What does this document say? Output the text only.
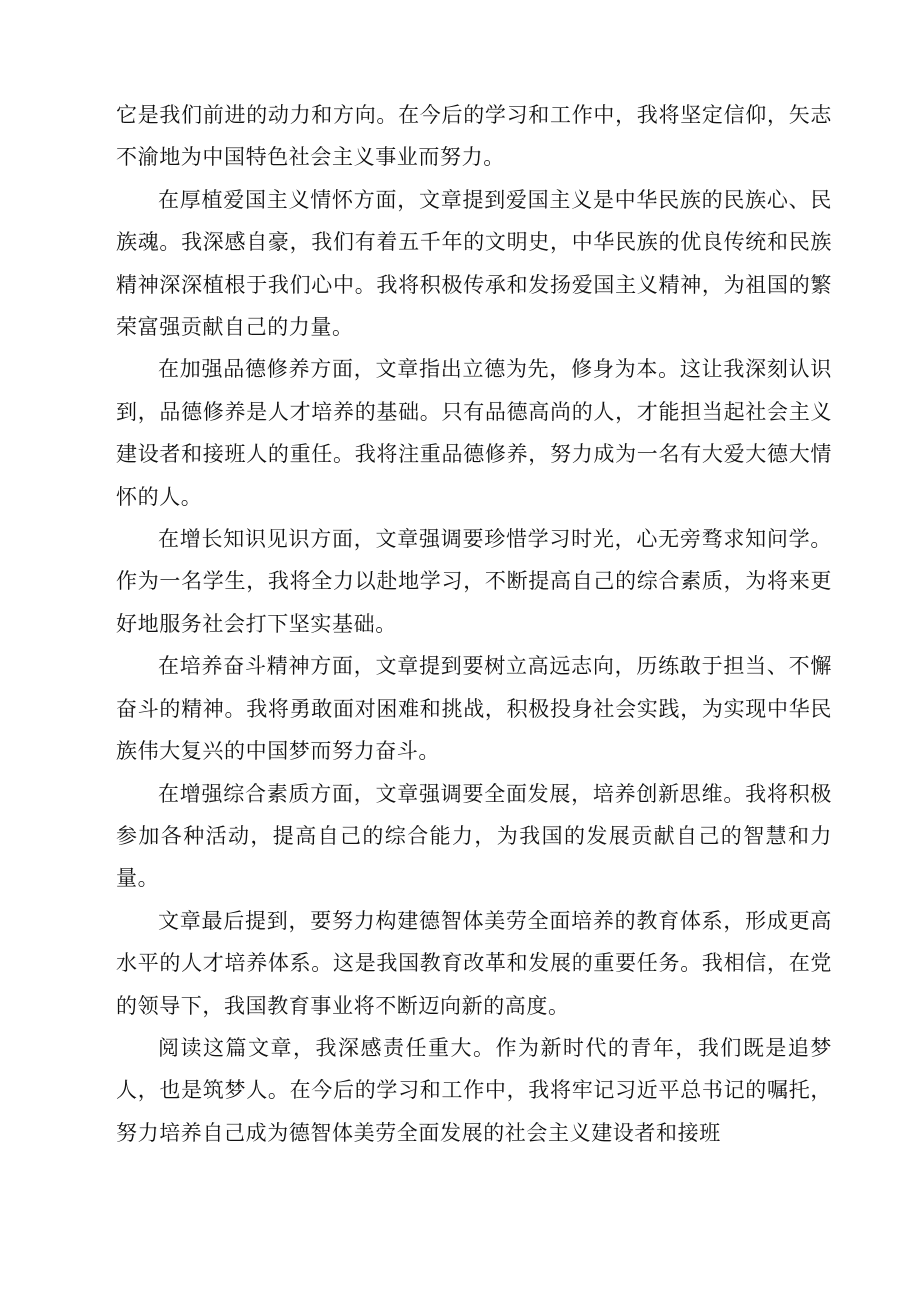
它是我们前进的动力和方向。在今后的学习和工作中，我将坚定信仰，矢志不渝地为中国特色社会主义事业而努力。

在厚植爱国主义情怀方面，文章提到爱国主义是中华民族的民族心、民族魂。我深感自豪，我们有着五千年的文明史，中华民族的优良传统和民族精神深深植根于我们心中。我将积极传承和发扬爱国主义精神，为祖国的繁荣富强贡献自己的力量。

在加强品德修养方面，文章指出立德为先，修身为本。这让我深刻认识到，品德修养是人才培养的基础。只有品德高尚的人，才能担当起社会主义建设者和接班人的重任。我将注重品德修养，努力成为一名有大爱大德大情怀的人。

在增长知识见识方面，文章强调要珍惜学习时光，心无旁骛求知问学。作为一名学生，我将全力以赴地学习，不断提高自己的综合素质，为将来更好地服务社会打下坚实基础。

在培养奋斗精神方面，文章提到要树立高远志向，历练敢于担当、不懈奋斗的精神。我将勇敢面对困难和挑战，积极投身社会实践，为实现中华民族伟大复兴的中国梦而努力奋斗。

在增强综合素质方面，文章强调要全面发展，培养创新思维。我将积极参加各种活动，提高自己的综合能力，为我国的发展贡献自己的智慧和力量。

文章最后提到，要努力构建德智体美劳全面培养的教育体系，形成更高水平的人才培养体系。这是我国教育改革和发展的重要任务。我相信，在党的领导下，我国教育事业将不断迈向新的高度。

阅读这篇文章，我深感责任重大。作为新时代的青年，我们既是追梦人，也是筑梦人。在今后的学习和工作中，我将牢记习近平总书记的嘱托，努力培养自己成为德智体美劳全面发展的社会主义建设者和接班
